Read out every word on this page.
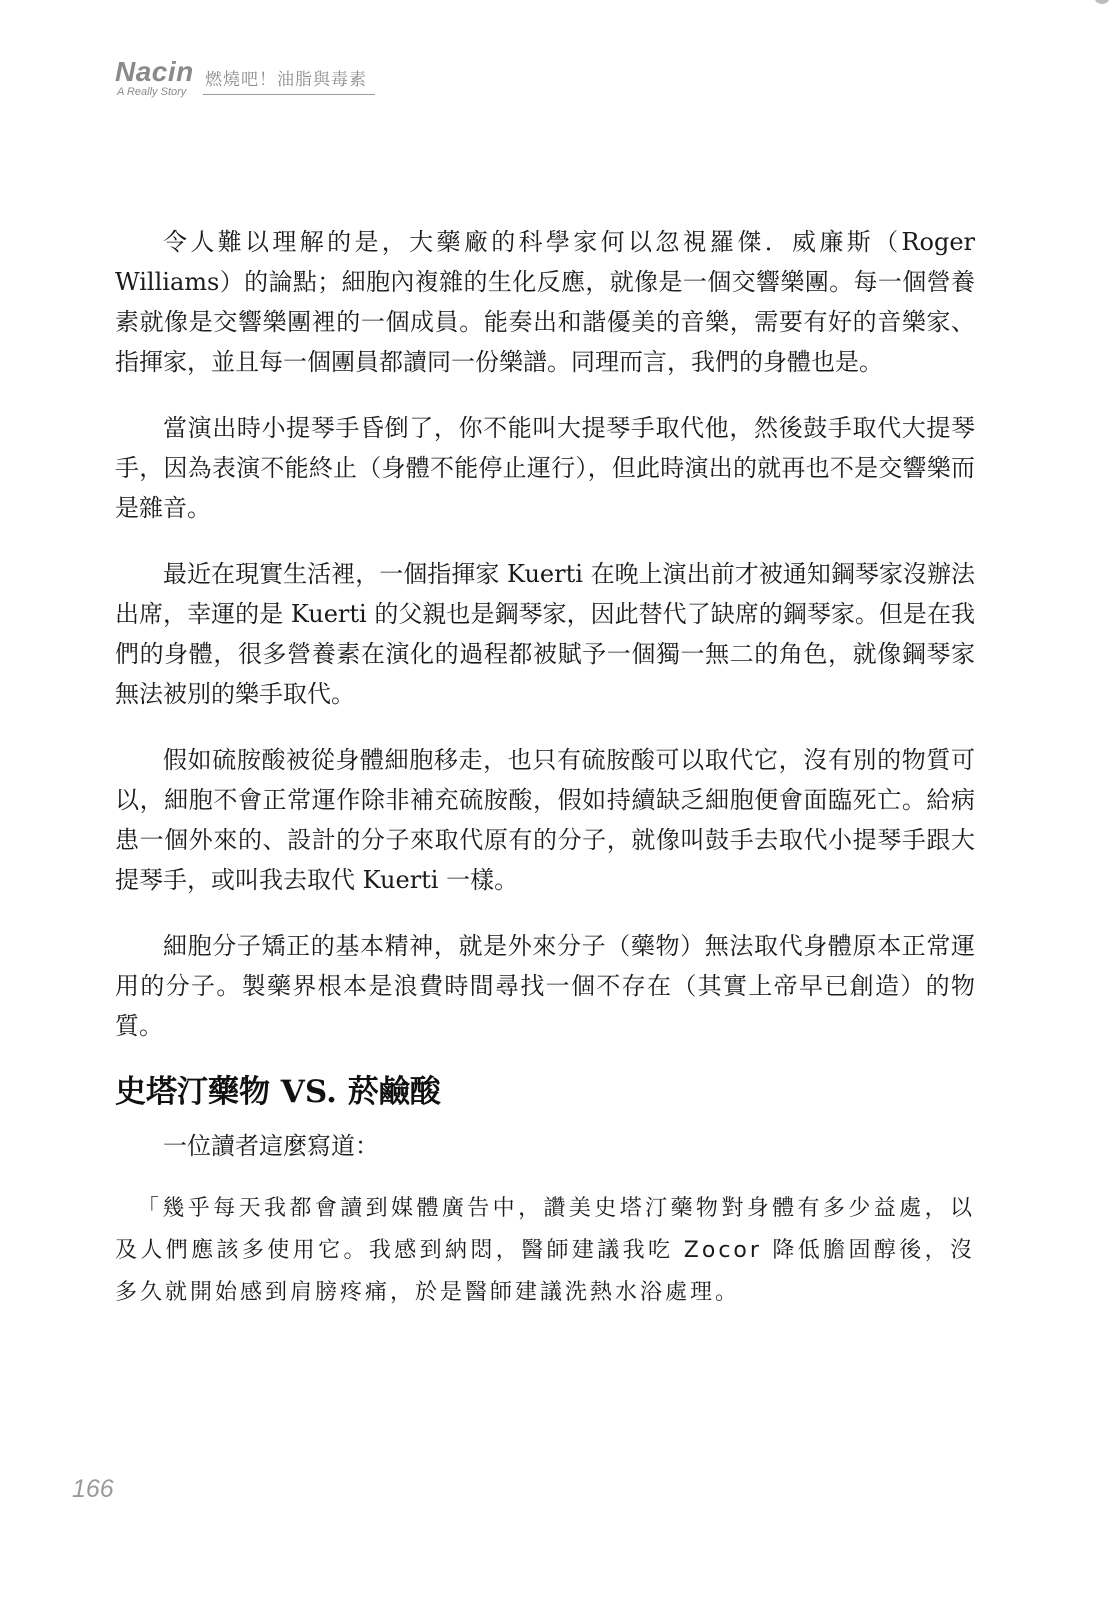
Nacin
A Really Story
燃燒吧！油脂與毒素

令人難以理解的是，大藥廠的科學家何以忽視羅傑．威廉斯（Roger Williams）的論點；細胞內複雜的生化反應，就像是一個交響樂團。每一個營養素就像是交響樂團裡的一個成員。能奏出和諧優美的音樂，需要有好的音樂家、指揮家，並且每一個團員都讀同一份樂譜。同理而言，我們的身體也是。

當演出時小提琴手昏倒了，你不能叫大提琴手取代他，然後鼓手取代大提琴手，因為表演不能終止（身體不能停止運行），但此時演出的就再也不是交響樂而是雜音。

最近在現實生活裡，一個指揮家 Kuerti 在晚上演出前才被通知鋼琴家沒辦法出席，幸運的是 Kuerti 的父親也是鋼琴家，因此替代了缺席的鋼琴家。但是在我們的身體，很多營養素在演化的過程都被賦予一個獨一無二的角色，就像鋼琴家無法被別的樂手取代。

假如硫胺酸被從身體細胞移走，也只有硫胺酸可以取代它，沒有別的物質可以，細胞不會正常運作除非補充硫胺酸，假如持續缺乏細胞便會面臨死亡。給病患一個外來的、設計的分子來取代原有的分子，就像叫鼓手去取代小提琴手跟大提琴手，或叫我去取代 Kuerti 一樣。

細胞分子矯正的基本精神，就是外來分子（藥物）無法取代身體原本正常運用的分子。製藥界根本是浪費時間尋找一個不存在（其實上帝早已創造）的物質。

史塔汀藥物 VS. 菸鹼酸

一位讀者這麼寫道：

「幾乎每天我都會讀到媒體廣告中，讚美史塔汀藥物對身體有多少益處，以及人們應該多使用它。我感到納悶，醫師建議我吃 Zocor 降低膽固醇後，沒多久就開始感到肩膀疼痛，於是醫師建議洗熱水浴處理。

166
